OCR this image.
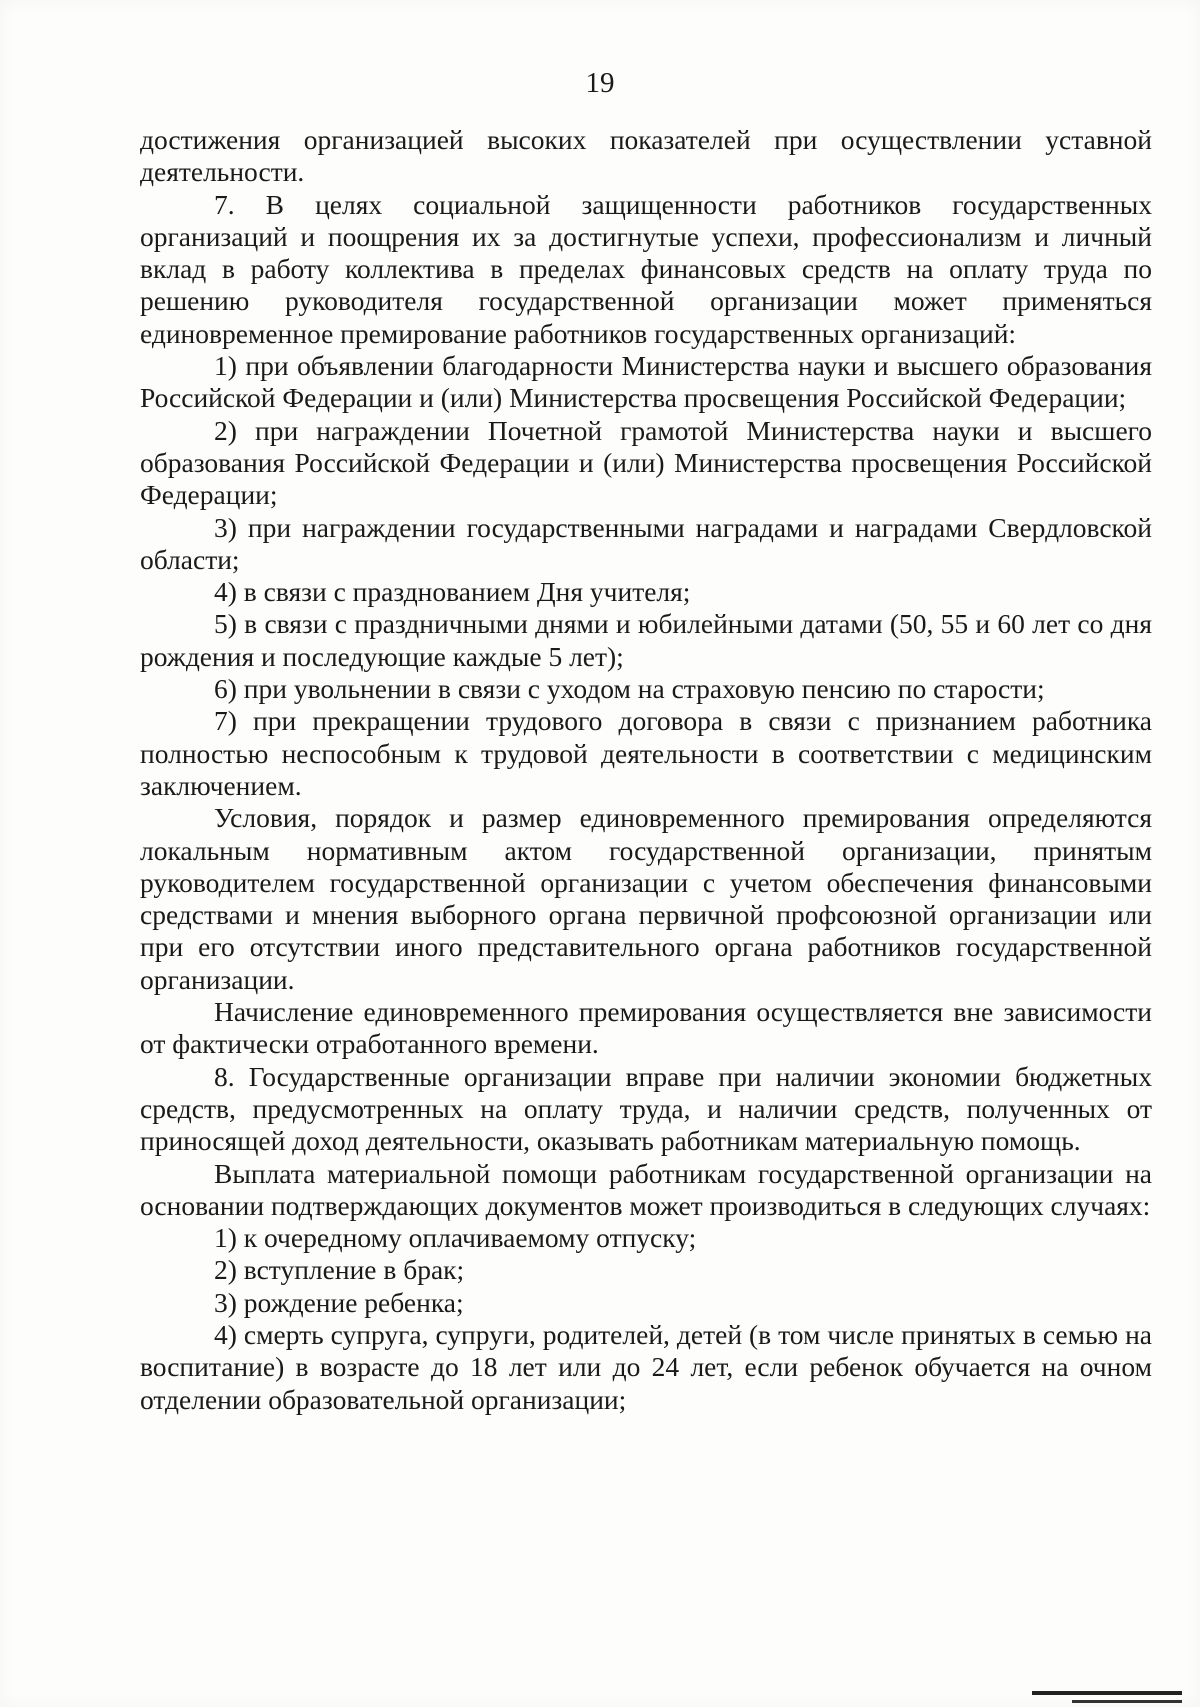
19

достижения организацией высоких показателей при осуществлении уставной деятельности.

7. В целях социальной защищенности работников государственных организаций и поощрения их за достигнутые успехи, профессионализм и личный вклад в работу коллектива в пределах финансовых средств на оплату труда по решению руководителя государственной организации может применяться единовременное премирование работников государственных организаций:

1) при объявлении благодарности Министерства науки и высшего образования Российской Федерации и (или) Министерства просвещения Российской Федерации;

2) при награждении Почетной грамотой Министерства науки и высшего образования Российской Федерации и (или) Министерства просвещения Российской Федерации;

3) при награждении государственными наградами и наградами Свердловской области;

4) в связи с празднованием Дня учителя;

5) в связи с праздничными днями и юбилейными датами (50, 55 и 60 лет со дня рождения и последующие каждые 5 лет);

6) при увольнении в связи с уходом на страховую пенсию по старости;

7) при прекращении трудового договора в связи с признанием работника полностью неспособным к трудовой деятельности в соответствии с медицинским заключением.

Условия, порядок и размер единовременного премирования определяются локальным нормативным актом государственной организации, принятым руководителем государственной организации с учетом обеспечения финансовыми средствами и мнения выборного органа первичной профсоюзной организации или при его отсутствии иного представительного органа работников государственной организации.

Начисление единовременного премирования осуществляется вне зависимости от фактически отработанного времени.

8. Государственные организации вправе при наличии экономии бюджетных средств, предусмотренных на оплату труда, и наличии средств, полученных от приносящей доход деятельности, оказывать работникам материальную помощь.

Выплата материальной помощи работникам государственной организации на основании подтверждающих документов может производиться в следующих случаях:

1) к очередному оплачиваемому отпуску;

2) вступление в брак;

3) рождение ребенка;

4) смерть супруга, супруги, родителей, детей (в том числе принятых в семью на воспитание) в возрасте до 18 лет или до 24 лет, если ребенок обучается на очном отделении образовательной организации;
